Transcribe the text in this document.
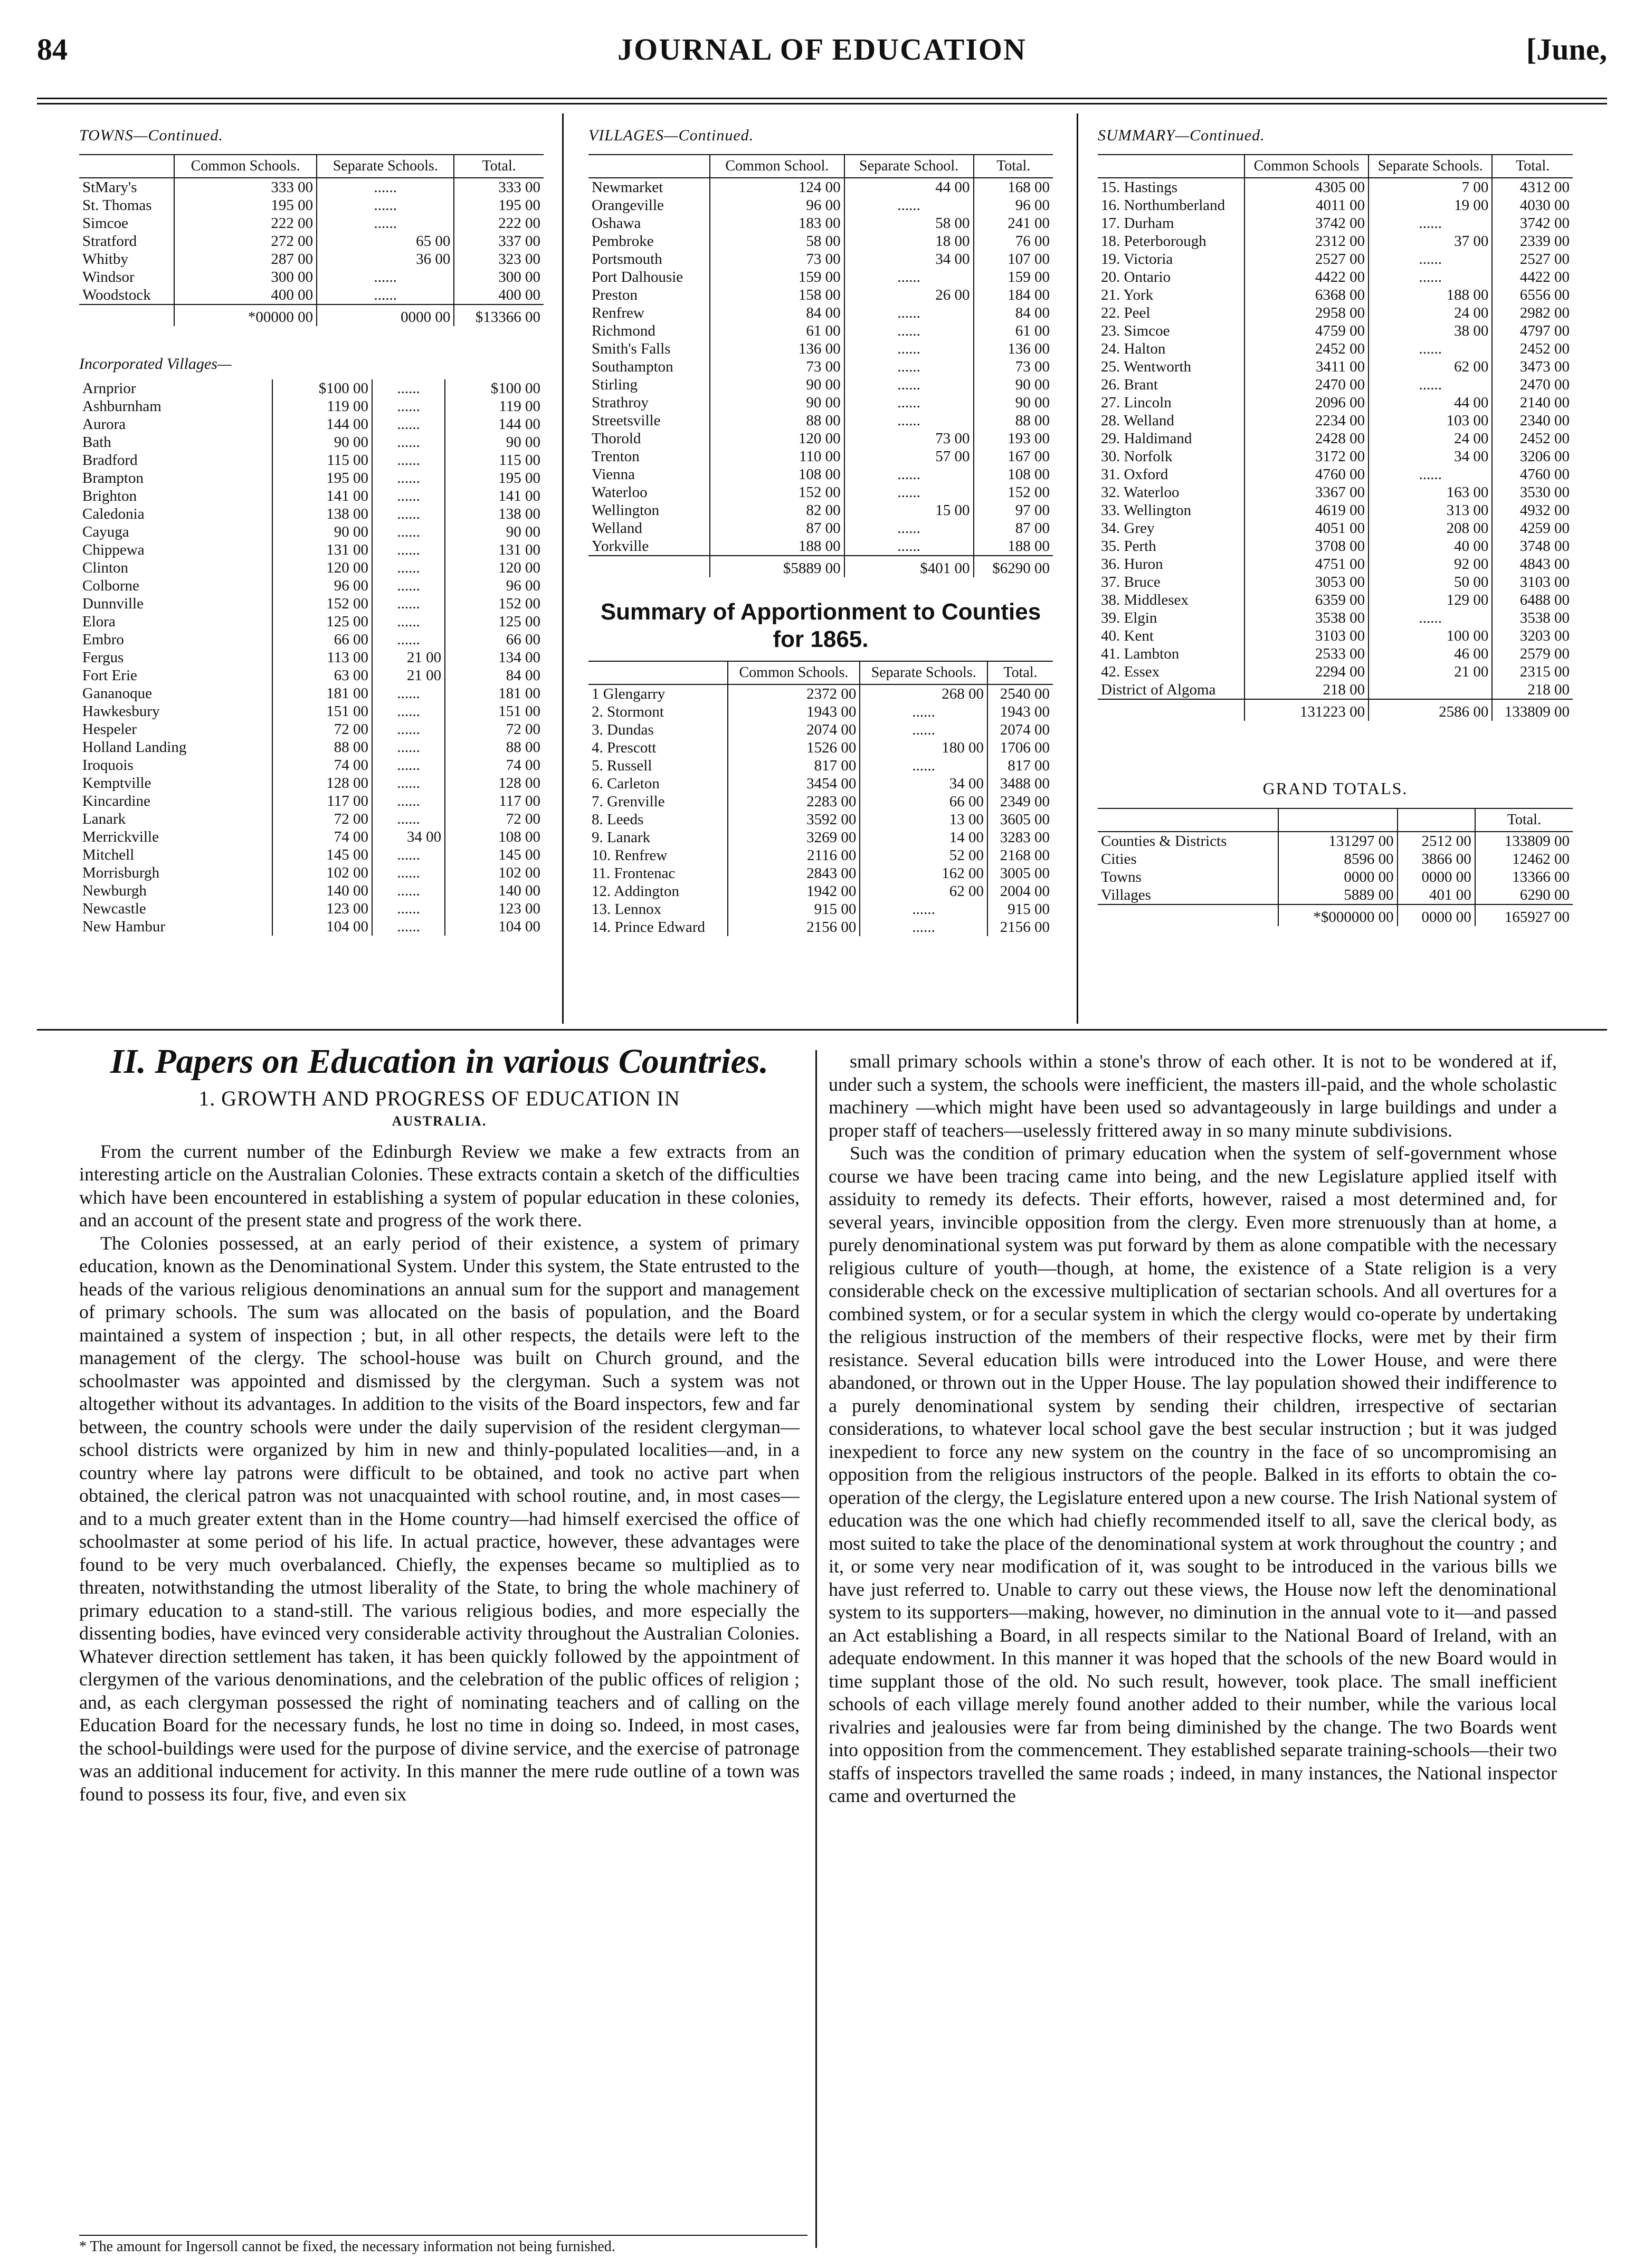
84	JOURNAL OF EDUCATION	[June,
TOWNS—Continued.
	Common Schools.	Separate Schools.	Total.
StMary's	333 00	......	333 00
St. Thomas	195 00	......	195 00
Simcoe	222 00	......	222 00
Stratford	272 00	65 00	337 00
Whitby	287 00	36 00	323 00
Windsor	300 00	......	300 00
Woodstock	400 00	......	400 00
	*00000 00	0000 00	$13366 00
Incorporated Villages—
Arnprior	$100 00	......	$100 00
Ashburnham	119 00	......	119 00
Aurora	144 00	......	144 00
Bath	90 00	......	90 00
Bradford	115 00	......	115 00
Brampton	195 00	......	195 00
Brighton	141 00	......	141 00
Caledonia	138 00	......	138 00
Cayuga	90 00	......	90 00
Chippewa	131 00	......	131 00
Clinton	120 00	......	120 00
Colborne	96 00	......	96 00
Dunnville	152 00	......	152 00
Elora	125 00	......	125 00
Embro	66 00	......	66 00
Fergus	113 00	21 00	134 00
Fort Erie	63 00	21 00	84 00
Gananoque	181 00	......	181 00
Hawkesbury	151 00	......	151 00
Hespeler	72 00	......	72 00
Holland Landing	88 00	......	88 00
Iroquois	74 00	......	74 00
Kemptville	128 00	......	128 00
Kincardine	117 00	......	117 00
Lanark	72 00	......	72 00
Merrickville	74 00	34 00	108 00
Mitchell	145 00	......	145 00
Morrisburgh	102 00	......	102 00
Newburgh	140 00	......	140 00
Newcastle	123 00	......	123 00
New Hambur	104 00	......	104 00
VILLAGES—Continued.
	Common School.	Separate School.	Total.
Newmarket	124 00	44 00	168 00
Orangeville	96 00	......	96 00
Oshawa	183 00	58 00	241 00
Pembroke	58 00	18 00	76 00
Portsmouth	73 00	34 00	107 00
Port Dalhousie	159 00	......	159 00
Preston	158 00	26 00	184 00
Renfrew	84 00	......	84 00
Richmond	61 00	......	61 00
Smith's Falls	136 00	......	136 00
Southampton	73 00	......	73 00
Stirling	90 00	......	90 00
Strathroy	90 00	......	90 00
Streetsville	88 00	......	88 00
Thorold	120 00	73 00	193 00
Trenton	110 00	57 00	167 00
Vienna	108 00	......	108 00
Waterloo	152 00	......	152 00
Wellington	82 00	15 00	97 00
Welland	87 00	......	87 00
Yorkville	188 00	......	188 00
	$5889 00	$401 00	$6290 00
Summary of Apportionment to Counties for 1865.
	Common Schools.	Separate Schools.	Total.
1 Glengarry	2372 00	268 00	2540 00
2. Stormont	1943 00	......	1943 00
3. Dundas	2074 00	......	2074 00
4. Prescott	1526 00	180 00	1706 00
5. Russell	817 00	......	817 00
6. Carleton	3454 00	34 00	3488 00
7. Grenville	2283 00	66 00	2349 00
8. Leeds	3592 00	13 00	3605 00
9. Lanark	3269 00	14 00	3283 00
10. Renfrew	2116 00	52 00	2168 00
11. Frontenac	2843 00	162 00	3005 00
12. Addington	1942 00	62 00	2004 00
13. Lennox	915 00	......	915 00
14. Prince Edward	2156 00	......	2156 00
SUMMARY—Continued.
	Common Schools	Separate Schools.	Total.
15. Hastings	4305 00	7 00	4312 00
16. Northumberland	4011 00	19 00	4030 00
17. Durham	3742 00	......	3742 00
18. Peterborough	2312 00	37 00	2339 00
19. Victoria	2527 00	......	2527 00
20. Ontario	4422 00	......	4422 00
21. York	6368 00	188 00	6556 00
22. Peel	2958 00	24 00	2982 00
23. Simcoe	4759 00	38 00	4797 00
24. Halton	2452 00	......	2452 00
25. Wentworth	3411 00	62 00	3473 00
26. Brant	2470 00	......	2470 00
27. Lincoln	2096 00	44 00	2140 00
28. Welland	2234 00	103 00	2340 00
29. Haldimand	2428 00	24 00	2452 00
30. Norfolk	3172 00	34 00	3206 00
31. Oxford	4760 00	......	4760 00
32. Waterloo	3367 00	163 00	3530 00
33. Wellington	4619 00	313 00	4932 00
34. Grey	4051 00	208 00	4259 00
35. Perth	3708 00	40 00	3748 00
36. Huron	4751 00	92 00	4843 00
37. Bruce	3053 00	50 00	3103 00
38. Middlesex	6359 00	129 00	6488 00
39. Elgin	3538 00	......	3538 00
40. Kent	3103 00	100 00	3203 00
41. Lambton	2533 00	46 00	2579 00
42. Essex	2294 00	21 00	2315 00
District of Algoma	218 00		218 00
	131223 00	2586 00	133809 00
GRAND TOTALS.
			Total.
Counties & Districts	131297 00	2512 00	133809 00
Cities	8596 00	3866 00	12462 00
Towns	0000 00	0000 00	13366 00
Villages	5889 00	401 00	6290 00
	*$000000 00	0000 00	165927 00
II. Papers on Education in various Countries.
1. GROWTH AND PROGRESS OF EDUCATION IN
AUSTRALIA.

From the current number of the Edinburgh Review we make a few extracts from an interesting article on the Australian Colonies. These extracts contain a sketch of the difficulties which have been encountered in establishing a system of popular education in these colonies, and an account of the present state and progress of the work there.

The Colonies possessed, at an early period of their existence, a system of primary education, known as the Denominational System. Under this system, the State entrusted to the heads of the various religious denominations an annual sum for the support and management of primary schools. The sum was allocated on the basis of population, and the Board maintained a system of inspection ; but, in all other respects, the details were left to the management of the clergy. The school-house was built on Church ground, and the schoolmaster was appointed and dismissed by the clergyman. Such a system was not altogether without its advantages. In addition to the visits of the Board inspectors, few and far between, the country schools were under the daily supervision of the resident clergyman—school districts were organized by him in new and thinly-populated localities—and, in a country where lay patrons were difficult to be obtained, and took no active part when obtained, the clerical patron was not unacquainted with school routine, and, in most cases—and to a much greater extent than in the Home country—had himself exercised the office of schoolmaster at some period of his life. In actual practice, however, these advantages were found to be very much overbalanced. Chiefly, the expenses became so multiplied as to threaten, notwithstanding the utmost liberality of the State, to bring the whole machinery of primary education to a stand-still. The various religious bodies, and more especially the dissenting bodies, have evinced very considerable activity throughout the Australian Colonies. Whatever direction settlement has taken, it has been quickly followed by the appointment of clergymen of the various denominations, and the celebration of the public offices of religion ; and, as each clergyman possessed the right of nominating teachers and of calling on the Education Board for the necessary funds, he lost no time in doing so. Indeed, in most cases, the school-buildings were used for the purpose of divine service, and the exercise of patronage was an additional inducement for activity. In this manner the mere rude outline of a town was found to possess its four, five, and even six

small primary schools within a stone's throw of each other. It is not to be wondered at if, under such a system, the schools were inefficient, the masters ill-paid, and the whole scholastic machinery —which might have been used so advantageously in large buildings and under a proper staff of teachers—uselessly frittered away in so many minute subdivisions.

Such was the condition of primary education when the system of self-government whose course we have been tracing came into being, and the new Legislature applied itself with assiduity to remedy its defects. Their efforts, however, raised a most determined and, for several years, invincible opposition from the clergy. Even more strenuously than at home, a purely denominational system was put forward by them as alone compatible with the necessary religious culture of youth—though, at home, the existence of a State religion is a very considerable check on the excessive multiplication of sectarian schools. And all overtures for a combined system, or for a secular system in which the clergy would co-operate by undertaking the religious instruction of the members of their respective flocks, were met by their firm resistance. Several education bills were introduced into the Lower House, and were there abandoned, or thrown out in the Upper House. The lay population showed their indifference to a purely denominational system by sending their children, irrespective of sectarian considerations, to whatever local school gave the best secular instruction ; but it was judged inexpedient to force any new system on the country in the face of so uncompromising an opposition from the religious instructors of the people. Balked in its efforts to obtain the co-operation of the clergy, the Legislature entered upon a new course. The Irish National system of education was the one which had chiefly recommended itself to all, save the clerical body, as most suited to take the place of the denominational system at work throughout the country ; and it, or some very near modification of it, was sought to be introduced in the various bills we have just referred to. Unable to carry out these views, the House now left the denominational system to its supporters—making, however, no diminution in the annual vote to it—and passed an Act establishing a Board, in all respects similar to the National Board of Ireland, with an adequate endowment. In this manner it was hoped that the schools of the new Board would in time supplant those of the old. No such result, however, took place. The small inefficient schools of each village merely found another added to their number, while the various local rivalries and jealousies were far from being diminished by the change. The two Boards went into opposition from the commencement. They established separate training-schools—their two staffs of inspectors travelled the same roads ; indeed, in many instances, the National inspector came and overturned the

* The amount for Ingersoll cannot be fixed, the necessary information not being furnished.
